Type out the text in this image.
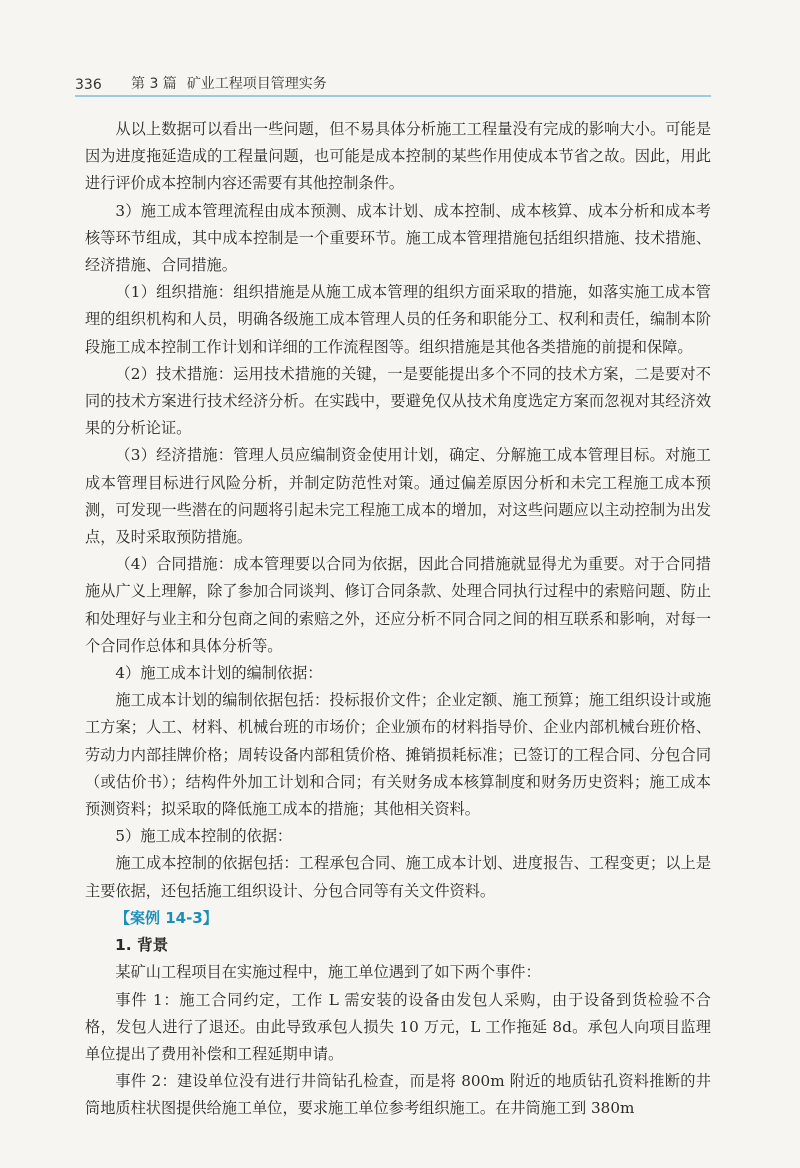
336	第 3 篇 矿业工程项目管理实务

从以上数据可以看出一些问题，但不易具体分析施工工程量没有完成的影响大小。可能是因为进度拖延造成的工程量问题，也可能是成本控制的某些作用使成本节省之故。因此，用此进行评价成本控制内容还需要有其他控制条件。

3）施工成本管理流程由成本预测、成本计划、成本控制、成本核算、成本分析和成本考核等环节组成，其中成本控制是一个重要环节。施工成本管理措施包括组织措施、技术措施、经济措施、合同措施。

（1）组织措施：组织措施是从施工成本管理的组织方面采取的措施，如落实施工成本管理的组织机构和人员，明确各级施工成本管理人员的任务和职能分工、权利和责任，编制本阶段施工成本控制工作计划和详细的工作流程图等。组织措施是其他各类措施的前提和保障。

（2）技术措施：运用技术措施的关键，一是要能提出多个不同的技术方案，二是要对不同的技术方案进行技术经济分析。在实践中，要避免仅从技术角度选定方案而忽视对其经济效果的分析论证。

（3）经济措施：管理人员应编制资金使用计划，确定、分解施工成本管理目标。对施工成本管理目标进行风险分析，并制定防范性对策。通过偏差原因分析和未完工程施工成本预测，可发现一些潜在的问题将引起未完工程施工成本的增加，对这些问题应以主动控制为出发点，及时采取预防措施。

（4）合同措施：成本管理要以合同为依据，因此合同措施就显得尤为重要。对于合同措施从广义上理解，除了参加合同谈判、修订合同条款、处理合同执行过程中的索赔问题、防止和处理好与业主和分包商之间的索赔之外，还应分析不同合同之间的相互联系和影响，对每一个合同作总体和具体分析等。

4）施工成本计划的编制依据：

施工成本计划的编制依据包括：投标报价文件；企业定额、施工预算；施工组织设计或施工方案；人工、材料、机械台班的市场价；企业颁布的材料指导价、企业内部机械台班价格、劳动力内部挂牌价格；周转设备内部租赁价格、摊销损耗标准；已签订的工程合同、分包合同（或估价书）；结构件外加工计划和合同；有关财务成本核算制度和财务历史资料；施工成本预测资料；拟采取的降低施工成本的措施；其他相关资料。

5）施工成本控制的依据：

施工成本控制的依据包括：工程承包合同、施工成本计划、进度报告、工程变更；以上是主要依据，还包括施工组织设计、分包合同等有关文件资料。

【案例 14-3】
1. 背景

某矿山工程项目在实施过程中，施工单位遇到了如下两个事件：

事件 1：施工合同约定，工作 L 需安装的设备由发包人采购，由于设备到货检验不合格，发包人进行了退还。由此导致承包人损失 10 万元，L 工作拖延 8d。承包人向项目监理单位提出了费用补偿和工程延期申请。

事件 2：建设单位没有进行井筒钻孔检查，而是将 800m 附近的地质钻孔资料推断的井筒地质柱状图提供给施工单位，要求施工单位参考组织施工。在井筒施工到 380m
